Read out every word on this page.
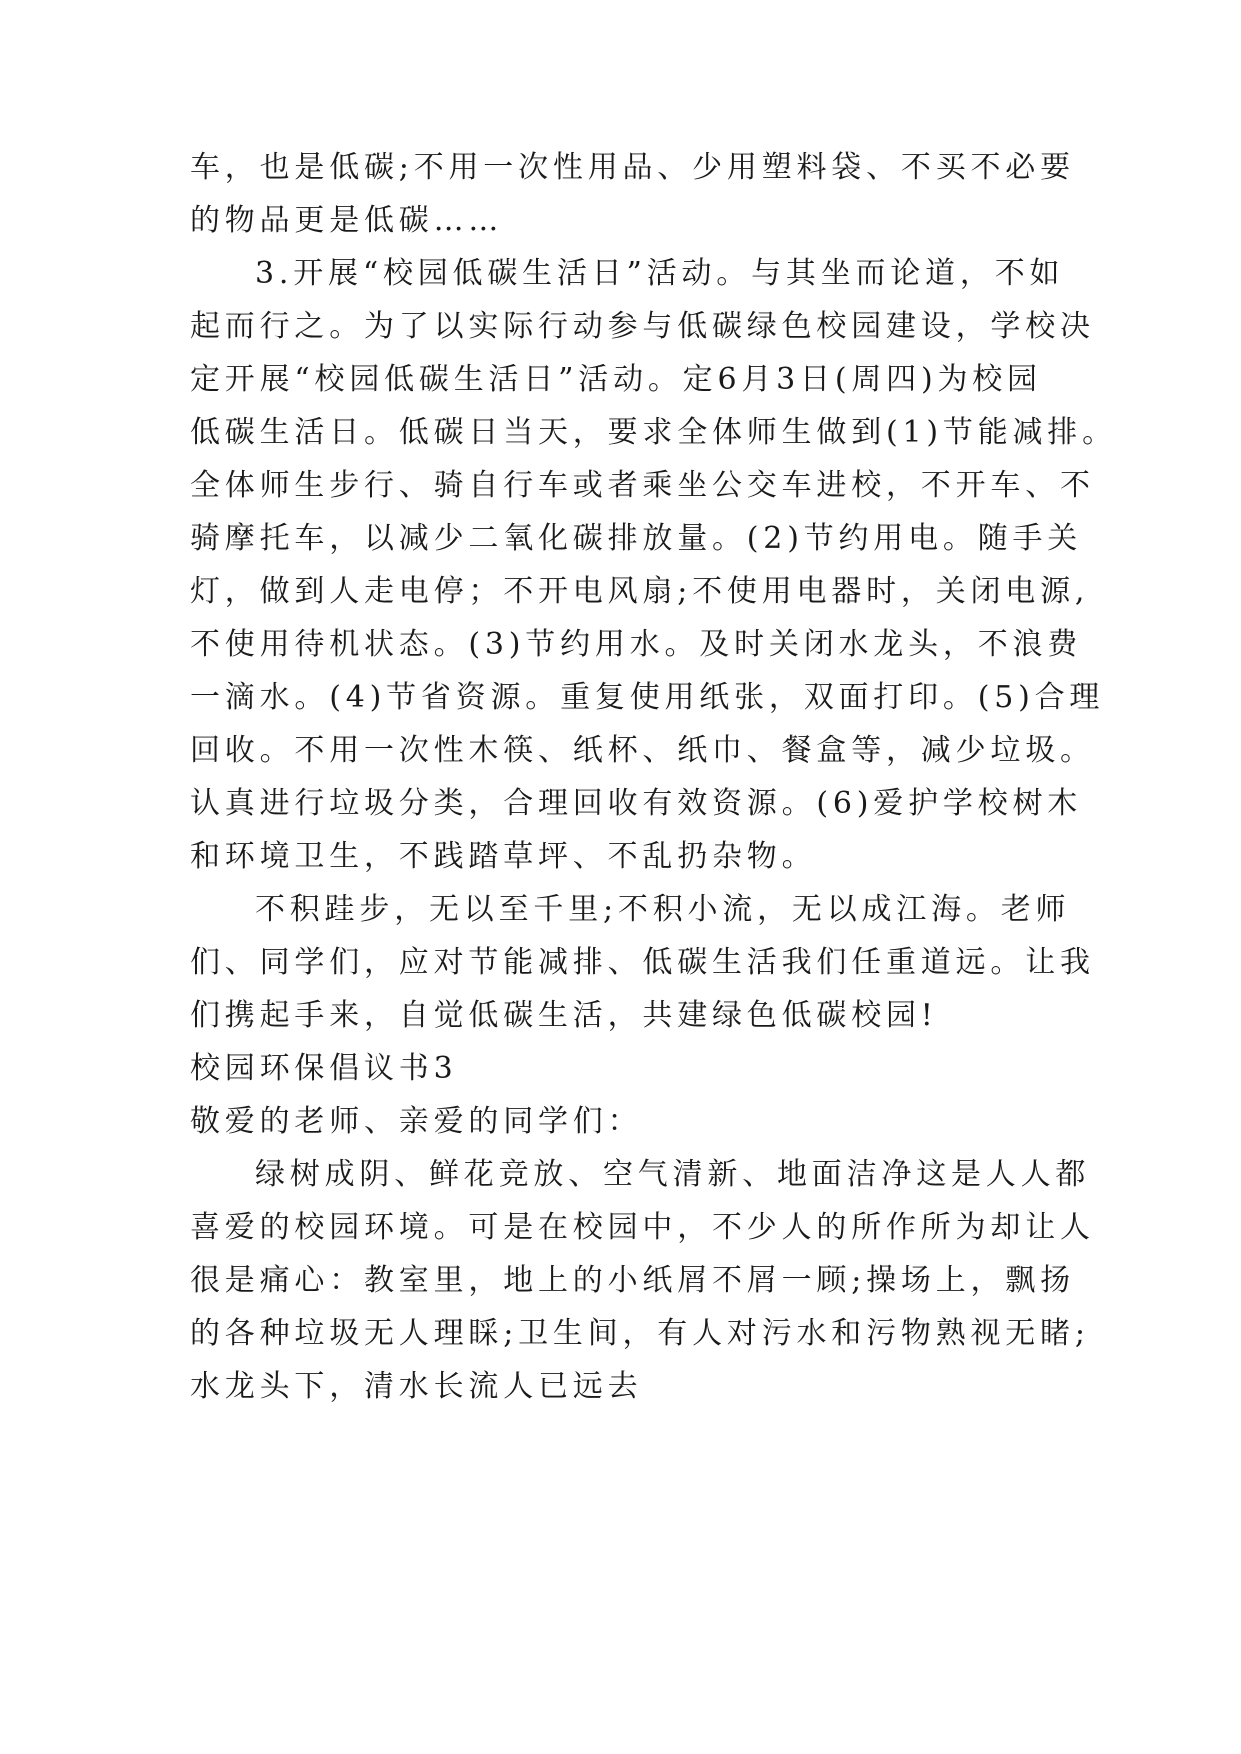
车，也是低碳;不用一次性用品、少用塑料袋、不买不必要
的物品更是低碳……
3.开展“校园低碳生活日”活动。与其坐而论道，不如
起而行之。为了以实际行动参与低碳绿色校园建设，学校决
定开展“校园低碳生活日”活动。定6月3日(周四)为校园
低碳生活日。低碳日当天，要求全体师生做到(1)节能减排。
全体师生步行、骑自行车或者乘坐公交车进校，不开车、不
骑摩托车，以减少二氧化碳排放量。(2)节约用电。随手关
灯，做到人走电停；不开电风扇;不使用电器时，关闭电源,
不使用待机状态。(3)节约用水。及时关闭水龙头，不浪费
一滴水。(4)节省资源。重复使用纸张，双面打印。(5)合理
回收。不用一次性木筷、纸杯、纸巾、餐盒等，减少垃圾。
认真进行垃圾分类，合理回收有效资源。(6)爱护学校树木
和环境卫生，不践踏草坪、不乱扔杂物。
不积跬步，无以至千里;不积小流，无以成江海。老师
们、同学们，应对节能减排、低碳生活我们任重道远。让我
们携起手来，自觉低碳生活，共建绿色低碳校园!
校园环保倡议书3
敬爱的老师、亲爱的同学们：
绿树成阴、鲜花竞放、空气清新、地面洁净这是人人都
喜爱的校园环境。可是在校园中，不少人的所作所为却让人
很是痛心：教室里，地上的小纸屑不屑一顾;操场上，飘扬
的各种垃圾无人理睬;卫生间，有人对污水和污物熟视无睹;
水龙头下，清水长流人已远去
